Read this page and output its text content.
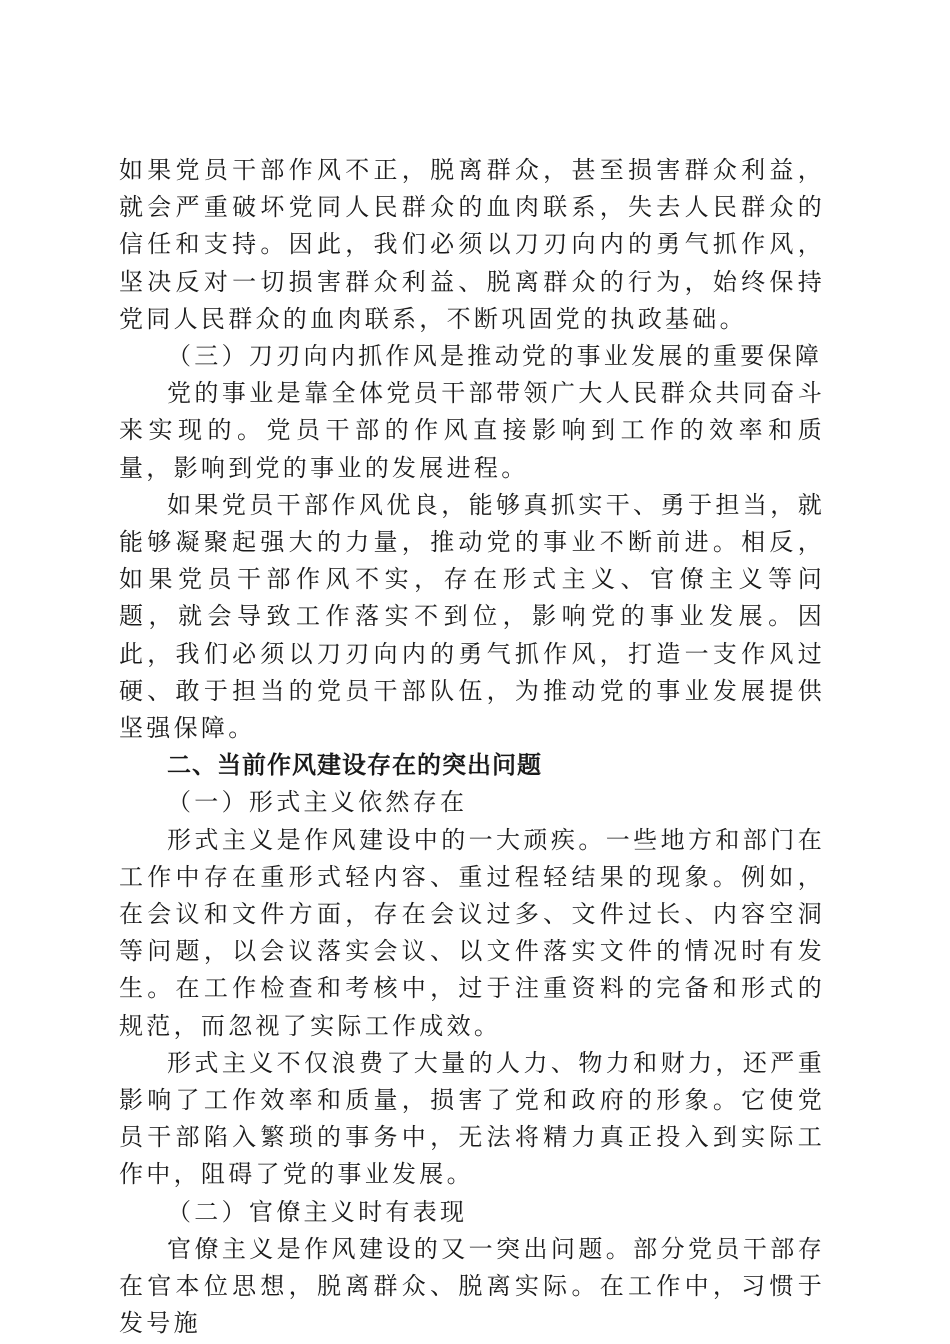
如果党员干部作风不正，脱离群众，甚至损害群众利益，就会严重破坏党同人民群众的血肉联系，失去人民群众的信任和支持。因此，我们必须以刀刃向内的勇气抓作风，坚决反对一切损害群众利益、脱离群众的行为，始终保持党同人民群众的血肉联系，不断巩固党的执政基础。

（三）刀刃向内抓作风是推动党的事业发展的重要保障

党的事业是靠全体党员干部带领广大人民群众共同奋斗来实现的。党员干部的作风直接影响到工作的效率和质量，影响到党的事业的发展进程。

如果党员干部作风优良，能够真抓实干、勇于担当，就能够凝聚起强大的力量，推动党的事业不断前进。相反，如果党员干部作风不实，存在形式主义、官僚主义等问题，就会导致工作落实不到位，影响党的事业发展。因此，我们必须以刀刃向内的勇气抓作风，打造一支作风过硬、敢于担当的党员干部队伍，为推动党的事业发展提供坚强保障。

二、当前作风建设存在的突出问题

（一）形式主义依然存在

形式主义是作风建设中的一大顽疾。一些地方和部门在工作中存在重形式轻内容、重过程轻结果的现象。例如，在会议和文件方面，存在会议过多、文件过长、内容空洞等问题，以会议落实会议、以文件落实文件的情况时有发生。在工作检查和考核中，过于注重资料的完备和形式的规范，而忽视了实际工作成效。

形式主义不仅浪费了大量的人力、物力和财力，还严重影响了工作效率和质量，损害了党和政府的形象。它使党员干部陷入繁琐的事务中，无法将精力真正投入到实际工作中，阻碍了党的事业发展。

（二）官僚主义时有表现

官僚主义是作风建设的又一突出问题。部分党员干部存在官本位思想，脱离群众、脱离实际。在工作中，习惯于发号施
